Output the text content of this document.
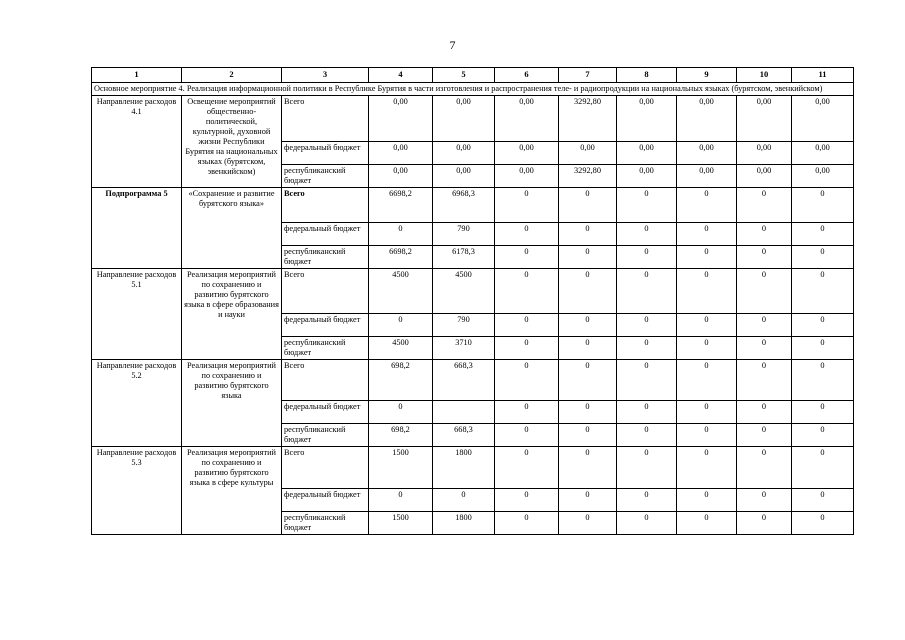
7
1	2	3	4	5	6	7	8	9	10	11
Основное мероприятие 4. Реализация информационной политики в Республике Бурятия в части изготовления и распространения теле- и радиопродукции на национальных языках (бурятском, эвенкийском)										
Направление расходов 4.1	Освещение мероприятий общественно-политической, культурной, духовной жизни Республики Бурятия на национальных языках (бурятском, эвенкийском)	Всего	0,00	0,00	0,00	3292,80	0,00	0,00	0,00	0,00
		федеральный бюджет	0,00	0,00	0,00	0,00	0,00	0,00	0,00	0,00
		республиканский бюджет	0,00	0,00	0,00	3292,80	0,00	0,00	0,00	0,00
Подпрограмма 5	«Сохранение и развитие бурятского языка»	Всего	6698,2	6968,3	0	0	0	0	0	0
		федеральный бюджет	0	790	0	0	0	0	0	0
		республиканский бюджет	6698,2	6178,3	0	0	0	0	0	0
Направление расходов 5.1	Реализация мероприятий по сохранению и развитию бурятского языка в сфере образования и науки	Всего	4500	4500	0	0	0	0	0	0
		федеральный бюджет	0	790	0	0	0	0	0	0
		республиканский бюджет	4500	3710	0	0	0	0	0	0
Направление расходов 5.2	Реализация мероприятий по сохранению и развитию бурятского языка	Всего	698,2	668,3	0	0	0	0	0	0
		федеральный бюджет	0		0	0	0	0	0	0
		республиканский бюджет	698,2	668,3	0	0	0	0	0	0
Направление расходов 5.3	Реализация мероприятий по сохранению и развитию бурятского языка в сфере культуры	Всего	1500	1800	0	0	0	0	0	0
		федеральный бюджет	0	0	0	0	0	0	0	0
		республиканский бюджет	1500	1800	0	0	0	0	0	0
